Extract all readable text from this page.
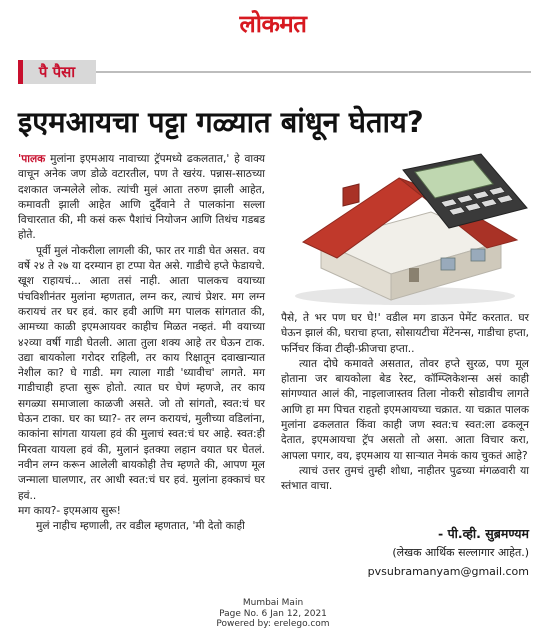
लोकमत
पै पैसा
इएमआयचा पट्टा गळ्यात बांधून घेताय?

'पालक मुलांना इएमआय नावाच्या ट्रॅपमध्ये ढकलतात,' हे वाक्य वाचून अनेक जण डोळे वटारतील, पण ते खरंय. पन्नास-साठच्या दशकात जन्मलेले लोक. त्यांची मुलं आता तरुण झाली आहेत, कमावती झाली आहेत आणि दुर्दैवाने ते पालकांना सल्ला विचारतात की, मी कसं करू पैशांचं नियोजन आणि तिथंच गडबड होते.

पूर्वी मुलं नोकरीला लागली की, फार तर गाडी घेत असत. वय वर्षे २४ ते २७ या दरम्यान हा टप्पा येत असे. गाडीचे हप्ते फेडायचे. खूश राहायचं... आता तसं नाही. आता पालकच वयाच्या पंचविशीनंतर मुलांना म्हणतात, लग्न कर, त्याचं प्रेशर. मग लग्न करायचं तर घर हवं. कार हवी आणि मग पालक सांगतात की, आमच्या काळी इएमआयवर काहीच मिळत नव्हतं. मी वयाच्या ४२व्या वर्षी गाडी घेतली. आता तुला शक्य आहे तर घेऊन टाक. उद्या बायकोला गरोदर राहिली, तर काय रिक्षातून दवाखान्यात नेशील का? घे गाडी. मग त्याला गाडी 'ध्यावीच' लागते. मग गाडीचाही हप्ता सुरू होतो. त्यात घर घेणं म्हणजे, तर काय सगळ्या समाजाला काळजी असते. जो तो सांगतो, स्वत:चं घर घेऊन टाका. घर का घ्या?- तर लग्न करायचं, मुलीच्या वडिलांना, काकांना सांगता यायला हवं की मुलाचं स्वत:चं घर आहे. स्वत:ही मिरवता यायला हवं की, मुलानं इतक्या लहान वयात घर घेतलं. नवीन लग्न करून आलेली बायकोही तेच म्हणते की, आपण मूल जन्माला घालणार, तर आधी स्वत:चं घर हवं. मुलांना हक्काचं घर हवं..

मग काय?- इएमआय सुरू!

मुलं नाहीच म्हणाली, तर वडील म्हणतात, 'मी देतो काही

पैसे, ते भर पण घर घे!' वडील मग डाऊन पेमेंट करतात. घर घेऊन झालं की, घराचा हप्ता, सोसायटीचा मेंटेनन्स, गाडीचा हप्ता, फर्निचर किंवा टीव्ही-फ्रीजचा हप्ता..

त्यात दोघे कमावते असतात, तोवर हप्ते सुरळ, पण मूल होताना जर बायकोला बेड रेस्ट, कॉम्प्लिकेशन्स असं काही सांगण्यात आलं की, नाइलाजास्तव तिला नोकरी सोडावीच लागते आणि हा मग पिचत राहतो इएमआयच्या चक्रात. या चक्रात पालक मुलांना ढकलतात किंवा काही जण स्वत:च स्वत:ला ढकलून देतात, इएमआयचा ट्रॅप असतो तो असा. आता विचार करा, आपला पगार, वय, इएमआय या साऱ्यात नेमकं काय चुकतं आहे?

त्याचं उत्तर तुमचं तुम्ही शोधा, नाहीतर पुढच्या मंगळवारी या स्तंभात वाचा.

- पी.व्ही. सुब्रमण्यम
(लेखक आर्थिक सल्लागार आहेत.)
pvsubramanyam@gmail.com
Mumbai Main
Page No. 6 Jan 12, 2021
Powered by: erelego.com
